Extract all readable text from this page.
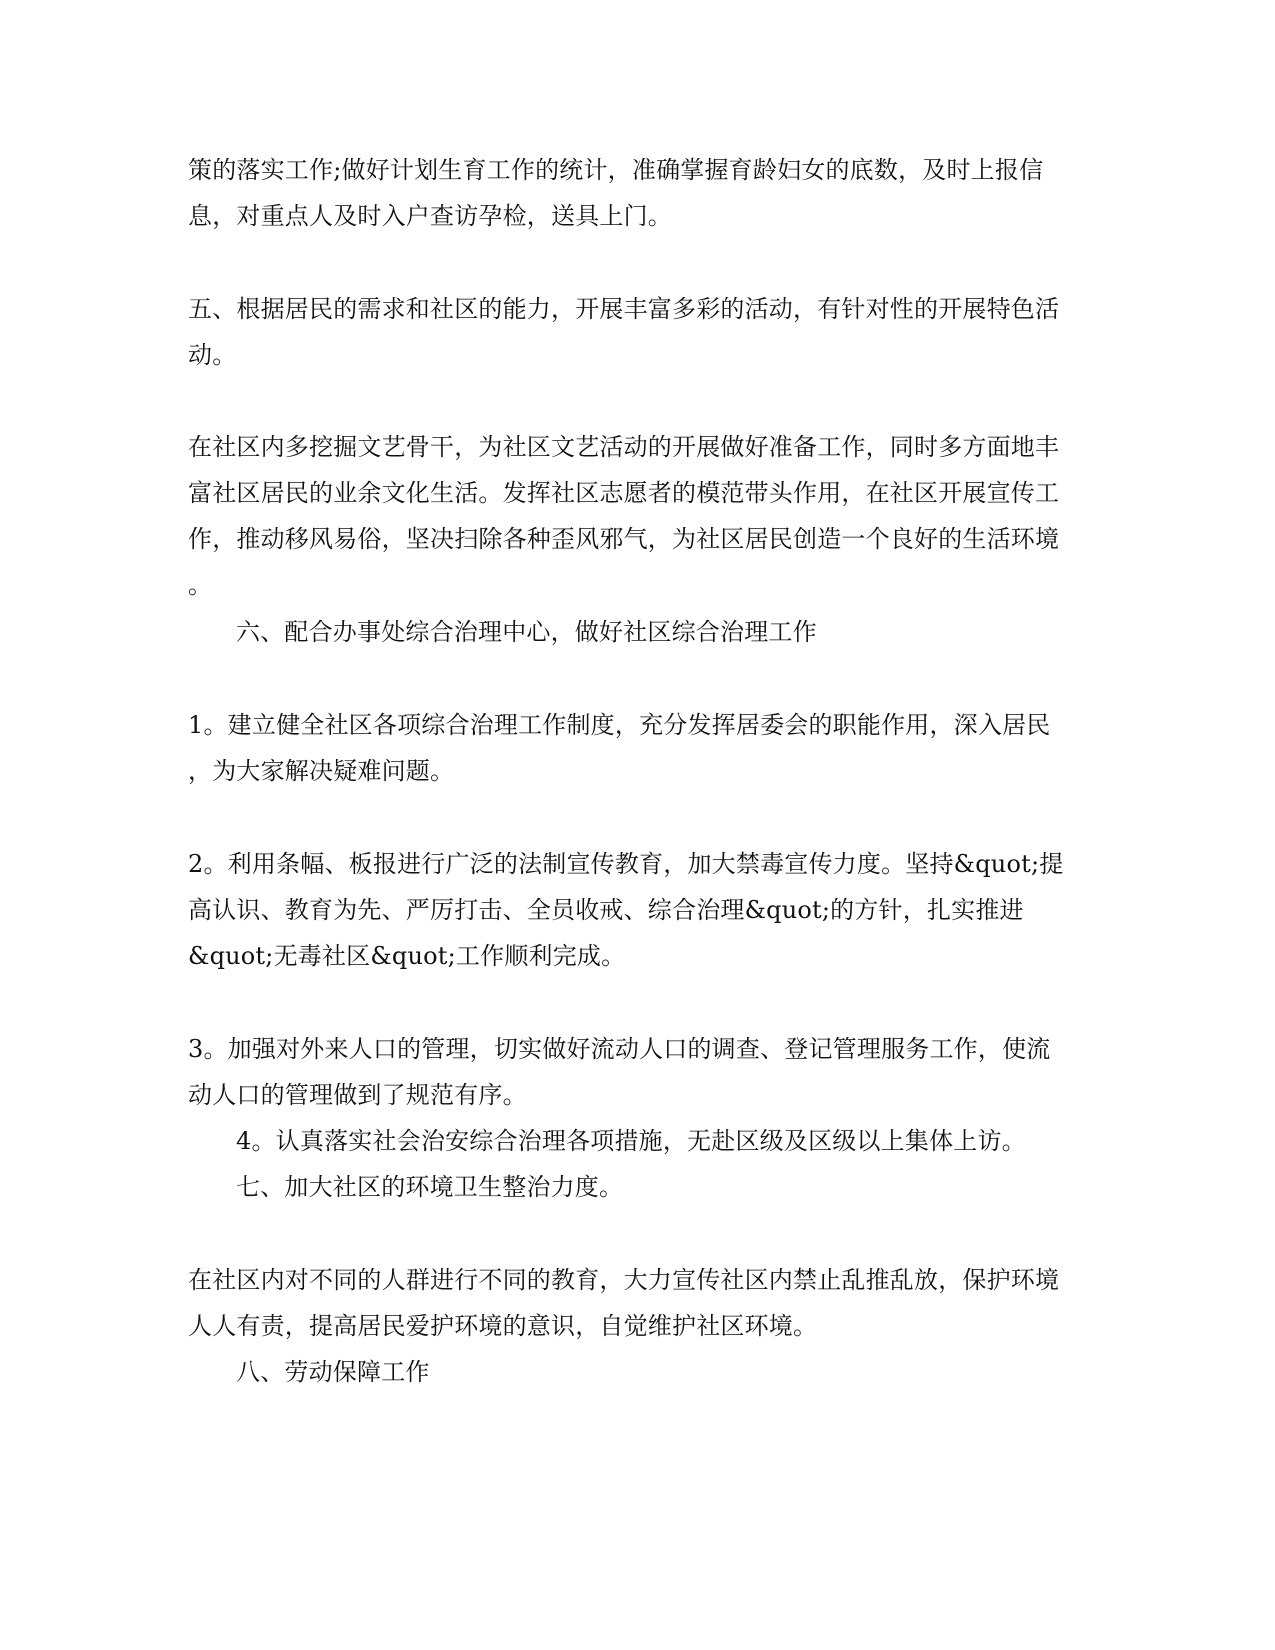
策的落实工作;做好计划生育工作的统计，准确掌握育龄妇女的底数，及时上报信
息，对重点人及时入户查访孕检，送具上门。
五、根据居民的需求和社区的能力，开展丰富多彩的活动，有针对性的开展特色活
动。
在社区内多挖掘文艺骨干，为社区文艺活动的开展做好准备工作，同时多方面地丰
富社区居民的业余文化生活。发挥社区志愿者的模范带头作用，在社区开展宣传工
作，推动移风易俗，坚决扫除各种歪风邪气，为社区居民创造一个良好的生活环境
。
六、配合办事处综合治理中心，做好社区综合治理工作
1。建立健全社区各项综合治理工作制度，充分发挥居委会的职能作用，深入居民
，为大家解决疑难问题。
2。利用条幅、板报进行广泛的法制宣传教育，加大禁毒宣传力度。坚持&quot;提
高认识、教育为先、严厉打击、全员收戒、综合治理&quot;的方针，扎实推进
&quot;无毒社区&quot;工作顺利完成。
3。加强对外来人口的管理，切实做好流动人口的调查、登记管理服务工作，使流
动人口的管理做到了规范有序。
4。认真落实社会治安综合治理各项措施，无赴区级及区级以上集体上访。
七、加大社区的环境卫生整治力度。
在社区内对不同的人群进行不同的教育，大力宣传社区内禁止乱推乱放，保护环境
人人有责，提高居民爱护环境的意识，自觉维护社区环境。
八、劳动保障工作
